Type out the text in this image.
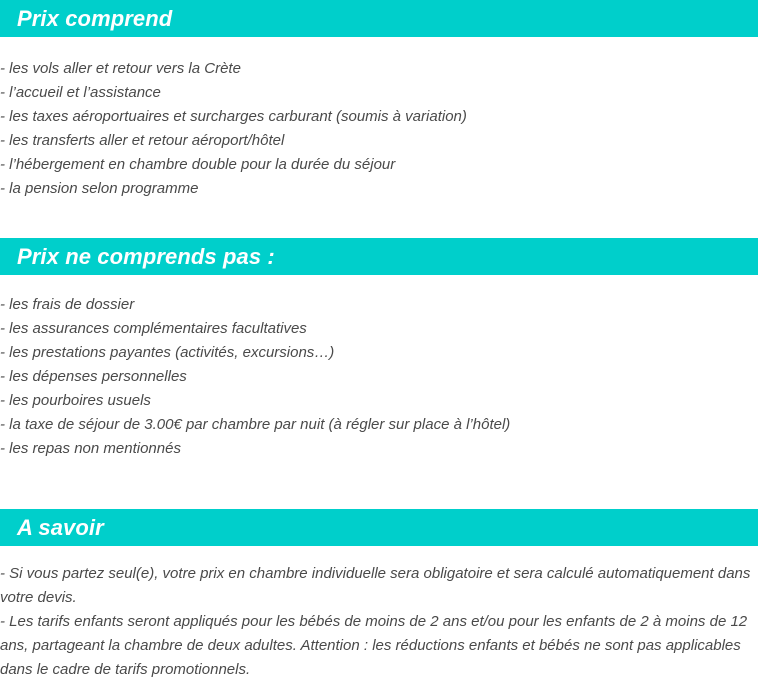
Prix comprend
- les vols aller et retour vers la Crète
- l’accueil et l’assistance
- les taxes aéroportuaires et surcharges carburant (soumis à variation)
- les transferts aller et retour aéroport/hôtel
- l’hébergement en chambre double pour la durée du séjour
- la pension selon programme
Prix ne comprends pas :
- les frais de dossier
- les assurances complémentaires facultatives
- les prestations payantes (activités, excursions…)
- les dépenses personnelles
- les pourboires usuels
- la taxe de séjour de 3.00€ par chambre par nuit (à régler sur place à l’hôtel)
- les repas non mentionnés
A savoir

- Si vous partez seul(e), votre prix en chambre individuelle sera obligatoire et sera calculé automatiquement dans votre devis.

- Les tarifs enfants seront appliqués pour les bébés de moins de 2 ans et/ou pour les enfants de 2 à moins de 12 ans, partageant la chambre de deux adultes. Attention : les réductions enfants et bébés ne sont pas applicables dans le cadre de tarifs promotionnels.
